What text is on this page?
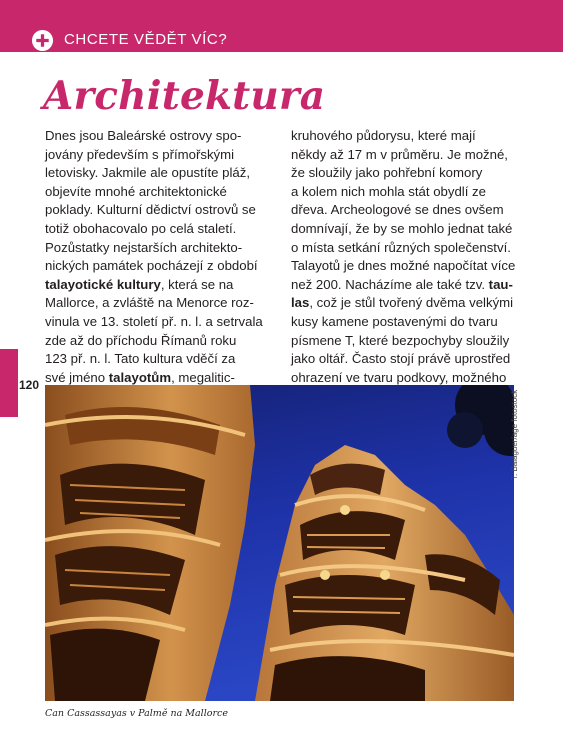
CHCETE VĚDĚT VÍC?
Architektura
Dnes jsou Baleárské ostrovy spo-
jovány především s přímořskými
letovisky. Jakmile ale opustíte pláž,
objevíte mnohé architektonické
poklady. Kulturní dědictví ostrovů se
totiž obohacovalo po celá staletí.
Pozůstatky nejstarších architekto-
nických památek pocházejí z období
talayotické kultury, která se na
Mallorce, a zvláště na Menorce roz-
vinula ve 13. století př. n. l. a setrvala
zde až do příchodu Římanů roku
123 př. n. l. Tato kultura vděčí za
své jméno talayotům, megalitic-
kruhového půdorysu, které mají
někdy až 17 m v průměru. Je možné,
že sloužily jako pohřební komory
a kolem nich mohla stát obydlí ze
dřeva. Archeologové se dnes ovšem
domnívají, že by se mohlo jednat také
o místa setkání různých společenství.
Talayotů je dnes možné napočítat více
než 200. Nacházíme ale také tzv. tau-
las, což je stůl tvořený dvěma velkými
kusy kamene postavenými do tvaru
písmene T, které bezpochyby sloužily
jako oltář. Často stojí právě uprostřed
ohrazení ve tvaru podkovy, možného
120
T. Balaguer/age fotostock

Can Cassassayas v Palmě na Mallorce
